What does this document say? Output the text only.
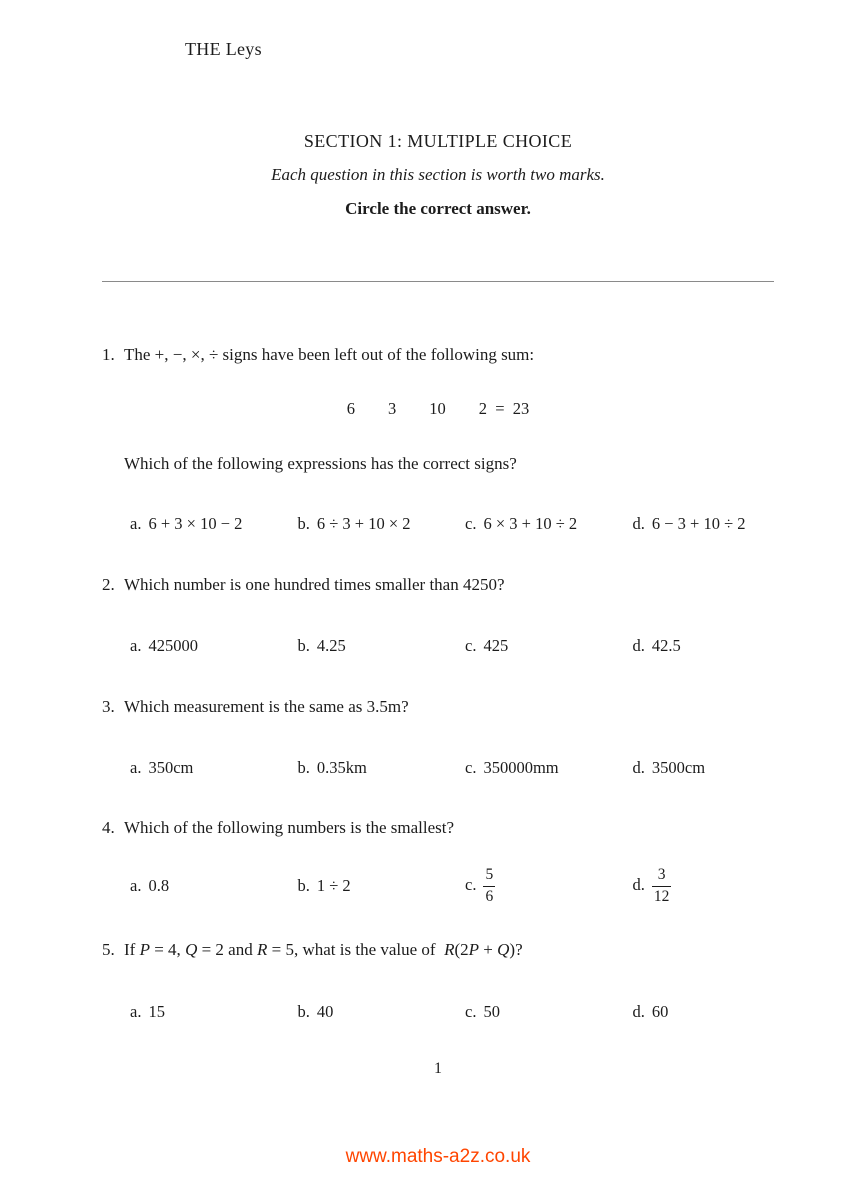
THE Leys
SECTION 1: MULTIPLE CHOICE
Each question in this section is worth two marks.
Circle the correct answer.
1. The +, −, ×, ÷ signs have been left out of the following sum:
6  3  10  2 = 23
Which of the following expressions has the correct signs?
a. 6 + 3 × 10 − 2	b. 6 ÷ 3 + 10 × 2	c. 6 × 3 + 10 ÷ 2	d. 6 − 3 + 10 ÷ 2
2. Which number is one hundred times smaller than 4250?
a. 425000	b. 4.25	c. 425	d. 42.5
3. Which measurement is the same as 3.5m?
a. 350cm	b. 0.35km	c. 350000mm	d. 3500cm
4. Which of the following numbers is the smallest?
a. 0.8	b. 1 ÷ 2	c. $\frac{5}{6}$	d. $\frac{3}{12}$
5. If P = 4, Q = 2 and R = 5, what is the value of R(2P + Q)?
a. 15	b. 40	c. 50	d. 60
1
www.maths-a2z.co.uk
